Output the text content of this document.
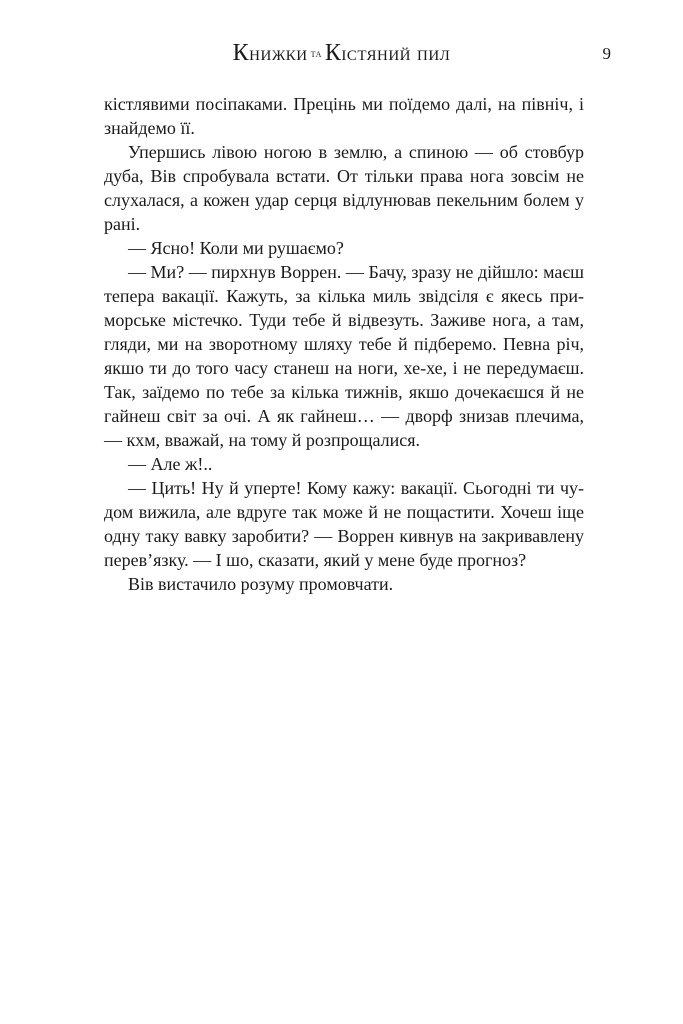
Книжки та Кістяний пил	9

кістлявими посіпаками. Прецінь ми поїдемо далі, на північ, і знайдемо її.

Упершись лівою ногою в землю, а спиною — об стовбур дуба, Вів спробувала встати. От тільки права нога зовсім не слухалася, а кожен удар серця відлунював пекельним болем у рані.

— Ясно! Коли ми рушаємо?

— Ми? — пирхнув Воррен. — Бачу, зразу не дійшло: маєш тепера вакації. Кажуть, за кілька миль звідсіля є якесь приморське містечко. Туди тебе й відвезуть. Заживе нога, а там, гляди, ми на зворотному шляху тебе й підберемо. Певна річ, якшо ти до того часу станеш на ноги, хе-хе, і не передумаєш. Так, заїдемо по тебе за кілька тижнів, якшо дочекаєшся й не гайнеш світ за очі. А як гайнеш… — дворф знизав плечима, — кхм, вважай, на тому й розпрощалися.

— Але ж!..

— Цить! Ну й уперте! Кому кажу: вакації. Сьогодні ти чудом вижила, але вдруге так може й не пощастити. Хочеш іще одну таку вавку заробити? — Воррен кивнув на закривавлену перев’язку. — І шо, сказати, який у мене буде прогноз?

Вів вистачило розуму промовчати.
